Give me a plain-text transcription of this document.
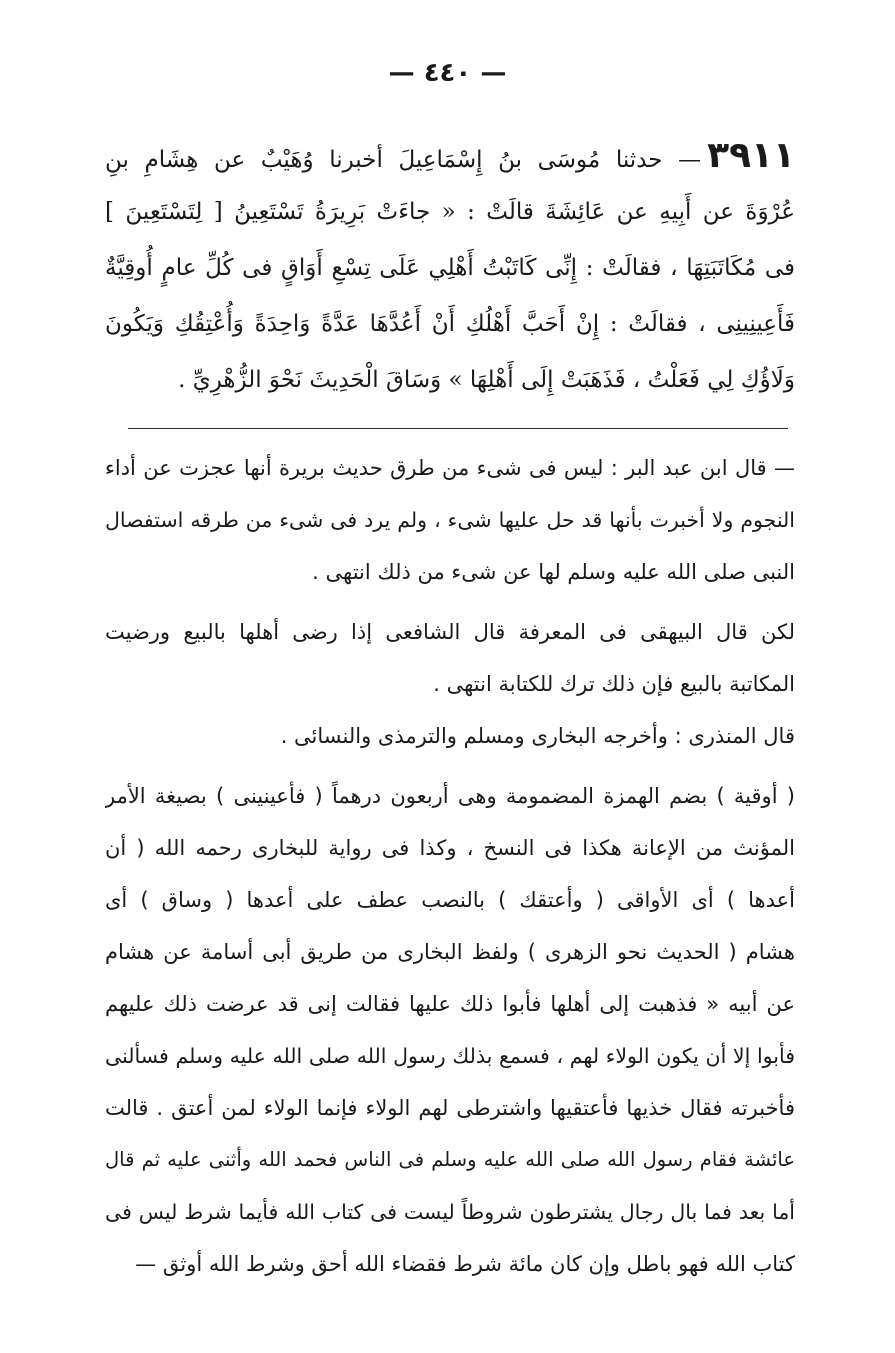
— ٤٤٠ —
٣٩١١— حدثنا مُوسَى بنُ إِسْمَاعِيلَ أخبرنا وُهَيْبٌ عن هِشَامِ بنِ
عُرْوَةَ عن أَبِيهِ عن عَائِشَةَ قالَتْ : « جاءَتْ بَرِيرَةُ تَسْتَعِينُ [ لِتَسْتَعِينَ ]
فى مُكَاتَبَتِهَا ، فقالَتْ : إِنِّى كَاتَبْتُ أَهْلِي عَلَى تِسْعِ أَوَاقٍ فى كُلِّ عامٍ أُوقِيَّةٌ
فَأَعِينِينِى ، فقالَتْ : إِنْ أَحَبَّ أَهْلُكِ أَنْ أَعُدَّهَا عَدَّةً وَاحِدَةً وَأُعْتِقُكِ وَيَكُونَ
وَلَاؤُكِ لِي فَعَلْتُ ، فَذَهَبَتْ إِلَى أَهْلِهَا » وَسَاقَ الْحَدِيثَ نَحْوَ الزُّهْرِيِّ .
— قال ابن عبد البر : ليس فى شىء من طرق حديث بريرة أنها عجزت عن أداء
النجوم ولا أخبرت بأنها قد حل عليها شىء ، ولم يرد فى شىء من طرقه استفصال
النبى صلى الله عليه وسلم لها عن شىء من ذلك انتهى .
لكن قال البيهقى فى المعرفة قال الشافعى إذا رضى أهلها بالبيع ورضيت
المكاتبة بالبيع فإن ذلك ترك للكتابة انتهى .
قال المنذرى : وأخرجه البخارى ومسلم والترمذى والنسائى .
( أوقية ) بضم الهمزة المضمومة وهى أربعون درهماً ( فأعينينى ) بصيغة الأمر
المؤنث من الإعانة هكذا فى النسخ ، وكذا فى رواية للبخارى رحمه الله ( أن
أعدها ) أى الأواقى ( وأعتقك ) بالنصب عطف على أعدها ( وساق ) أى
هشام ( الحديث نحو الزهرى ) ولفظ البخارى من طريق أبى أسامة عن هشام
عن أبيه « فذهبت إلى أهلها فأبوا ذلك عليها فقالت إنى قد عرضت ذلك عليهم
فأبوا إلا أن يكون الولاء لهم ، فسمع بذلك رسول الله صلى الله عليه وسلم فسألنى
فأخبرته فقال خذيها فأعتقيها واشترطى لهم الولاء فإنما الولاء لمن أعتق . قالت
عائشة فقام رسول الله صلى الله عليه وسلم فى الناس فحمد الله وأثنى عليه ثم قال
أما بعد فما بال رجال يشترطون شروطاً ليست فى كتاب الله فأيما شرط ليس فى
كتاب الله فهو باطل وإن كان مائة شرط فقضاء الله أحق وشرط الله أوثق —
